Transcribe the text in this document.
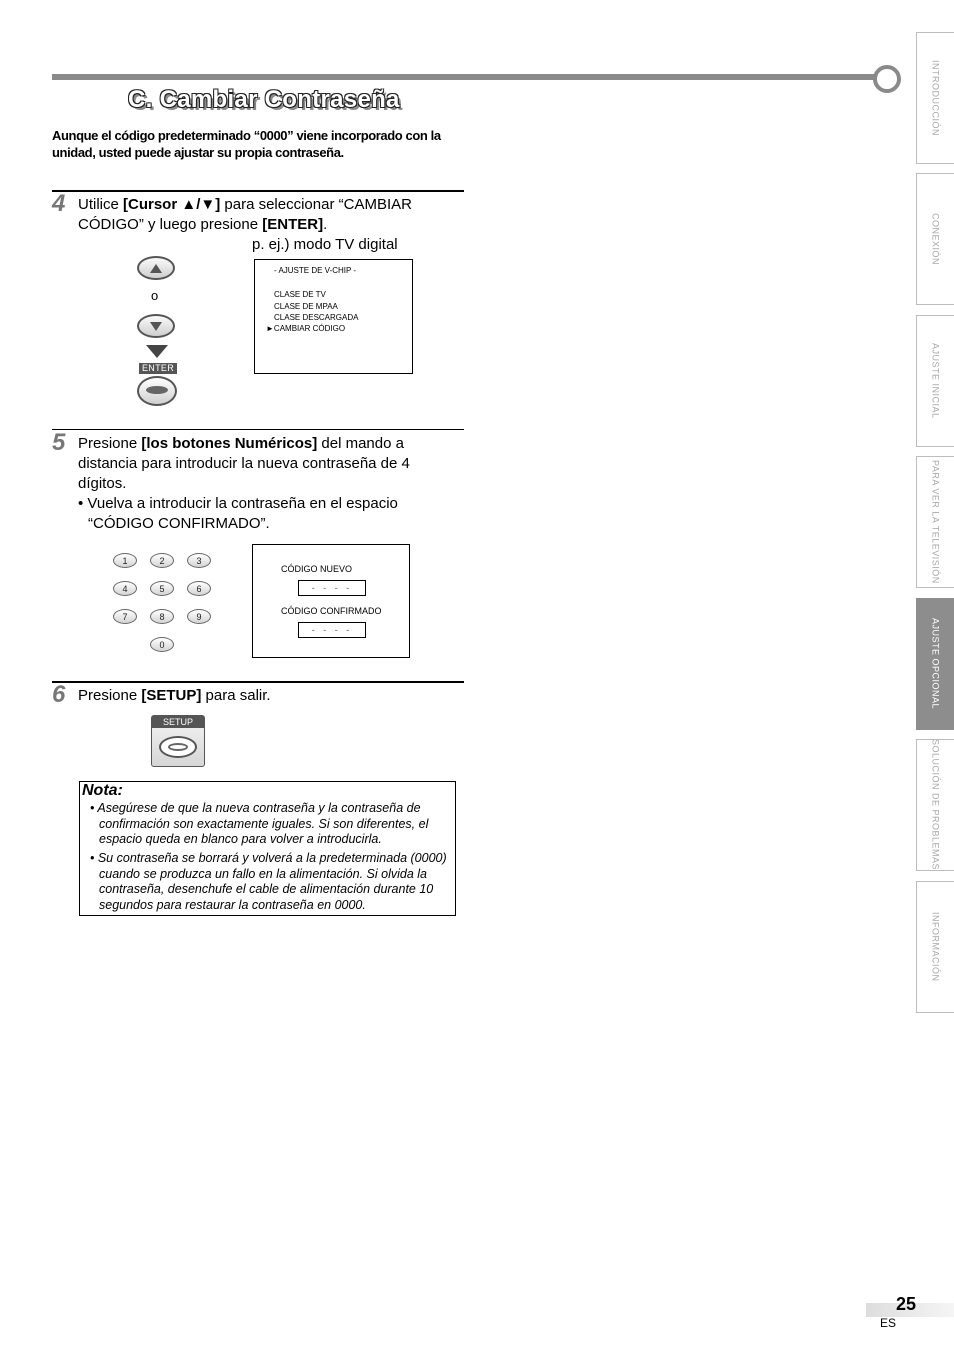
C. Cambiar Contraseña
Aunque el código predeterminado “0000” viene incorporado con la unidad, usted puede ajustar su propia contraseña.
4 Utilice [Cursor ▲/▼] para seleccionar “CAMBIAR CÓDIGO” y luego presione [ENTER].
p. ej.) modo TV digital
o
ENTER
- AJUSTE DE V-CHIP -
CLASE DE TV
CLASE DE MPAA
CLASE DESCARGADA
►CAMBIAR CÓDIGO
5 Presione [los botones Numéricos] del mando a distancia para introducir la nueva contraseña de 4 dígitos.
• Vuelva a introducir la contraseña en el espacio “CÓDIGO CONFIRMADO”.
1	2	3
4	5	6
7	8	9
0
CÓDIGO NUEVO
- - - -
CÓDIGO CONFIRMADO
- - - -
6 Presione [SETUP] para salir.
SETUP
Nota:
• Asegúrese de que la nueva contraseña y la contraseña de confirmación son exactamente iguales. Si son diferentes, el espacio queda en blanco para volver a introducirla.
• Su contraseña se borrará y volverá a la predeterminada (0000) cuando se produzca un fallo en la alimentación. Si olvida la contraseña, desenchufe el cable de alimentación durante 10 segundos para restaurar la contraseña en 0000.
INTRODUCCIÓN
CONEXIÓN
AJUSTE INICIAL
PARA VER LA TELEVISIÓN
AJUSTE OPCIONAL
SOLUCIÓN DE PROBLEMAS
INFORMACIÓN
25
ES
